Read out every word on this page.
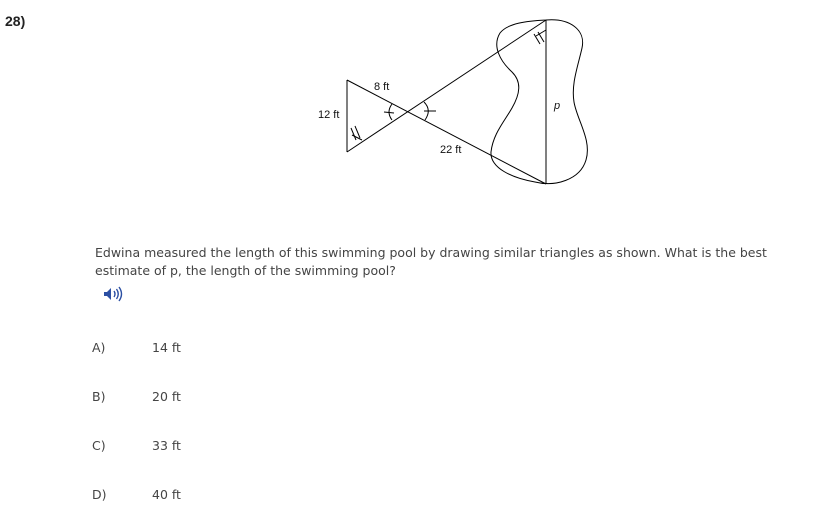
28)
12 ft
8 ft
22 ft
p
Edwina measured the length of this swimming pool by drawing similar triangles as shown. What is the best estimate of p, the length of the swimming pool?
A)	14 ft
B)	20 ft
C)	33 ft
D)	40 ft
